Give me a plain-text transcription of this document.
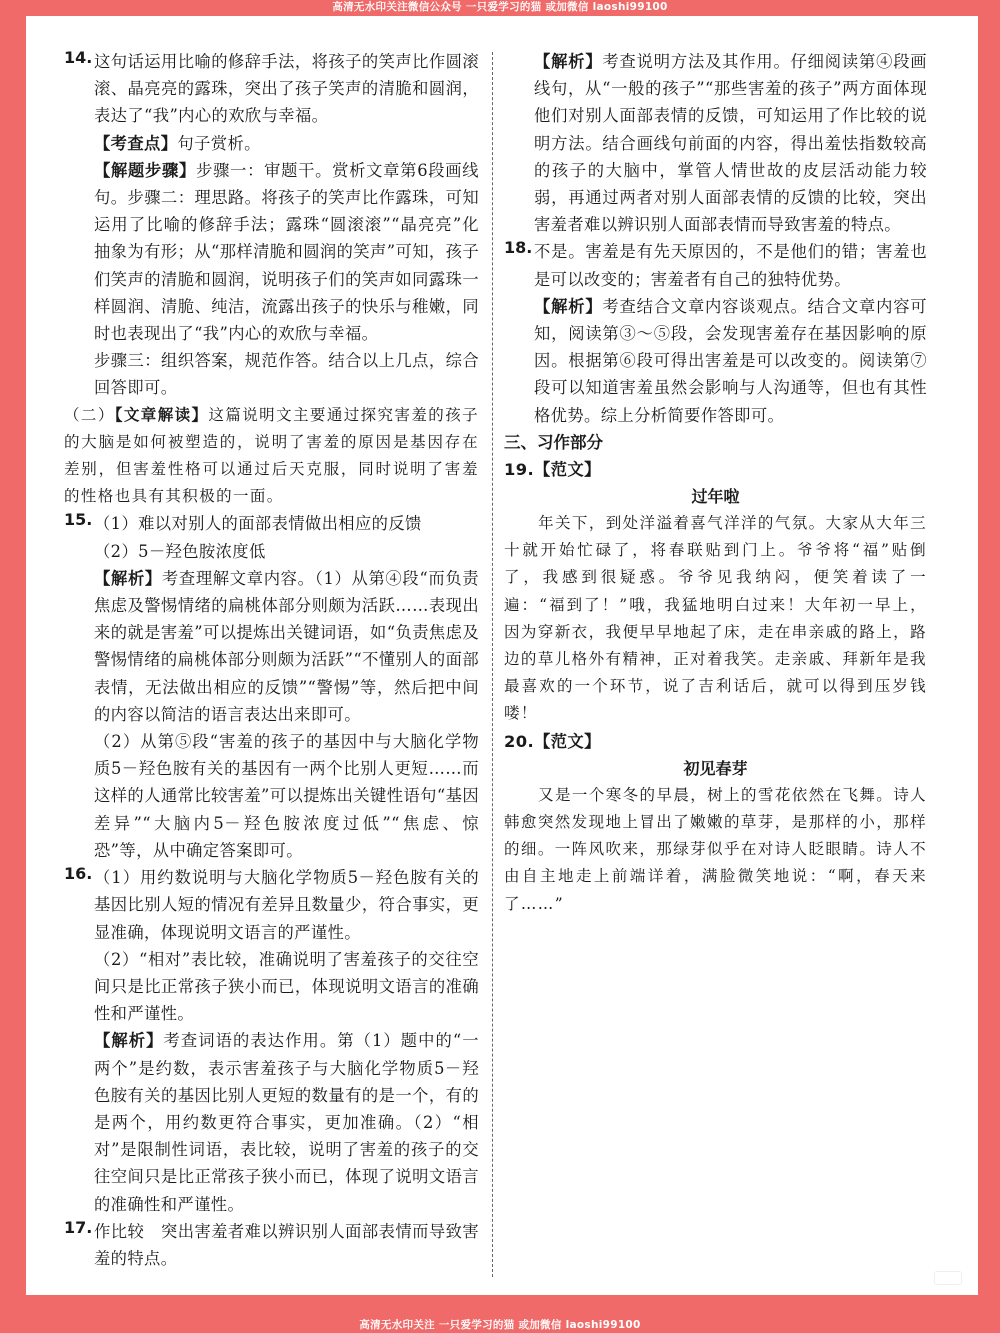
高清无水印关注微信公众号 一只爱学习的猫 或加微信 laoshi99100
14. 这句话运用比喻的修辞手法，将孩子的笑声比作圆滚滚、晶亮亮的露珠，突出了孩子笑声的清脆和圆润，表达了“我”内心的欢欣与幸福。

【考查点】句子赏析。

【解题步骤】步骤一：审题干。赏析文章第6段画线句。步骤二：理思路。将孩子的笑声比作露珠，可知运用了比喻的修辞手法；露珠“圆滚滚”“晶亮亮”化抽象为有形；从“那样清脆和圆润的笑声”可知，孩子们笑声的清脆和圆润，说明孩子们的笑声如同露珠一样圆润、清脆、纯洁，流露出孩子的快乐与稚嫩，同时也表现出了“我”内心的欢欣与幸福。

步骤三：组织答案，规范作答。结合以上几点，综合回答即可。

（二）【文章解读】这篇说明文主要通过探究害羞的孩子的大脑是如何被塑造的，说明了害羞的原因是基因存在差别，但害羞性格可以通过后天克服，同时说明了害羞的性格也具有其积极的一面。

15. （1）难以对别人的面部表情做出相应的反馈

（2）5－羟色胺浓度低

【解析】考查理解文章内容。（1）从第④段“而负责焦虑及警惕情绪的扁桃体部分则颇为活跃……表现出来的就是害羞”可以提炼出关键词语，如“负责焦虑及警惕情绪的扁桃体部分则颇为活跃”“不懂别人的面部表情，无法做出相应的反馈”“警惕”等，然后把中间的内容以简洁的语言表达出来即可。

（2）从第⑤段“害羞的孩子的基因中与大脑化学物质5－羟色胺有关的基因有一两个比别人更短……而这样的人通常比较害羞”可以提炼出关键性语句“基因差异”“大脑内5－羟色胺浓度过低”“焦虑、惊恐”等，从中确定答案即可。

16. （1）用约数说明与大脑化学物质5－羟色胺有关的基因比别人短的情况有差异且数量少，符合事实，更显准确，体现说明文语言的严谨性。

（2）“相对”表比较，准确说明了害羞孩子的交往空间只是比正常孩子狭小而已，体现说明文语言的准确性和严谨性。

【解析】考查词语的表达作用。第（1）题中的“一两个”是约数，表示害羞孩子与大脑化学物质5－羟色胺有关的基因比别人更短的数量有的是一个，有的是两个，用约数更符合事实，更加准确。（2）“相对”是限制性词语，表比较，说明了害羞的孩子的交往空间只是比正常孩子狭小而已，体现了说明文语言的准确性和严谨性。

17. 作比较　突出害羞者难以辨识别人面部表情而导致害羞的特点。

【解析】考查说明方法及其作用。仔细阅读第④段画线句，从“一般的孩子”“那些害羞的孩子”两方面体现他们对别人面部表情的反馈，可知运用了作比较的说明方法。结合画线句前面的内容，得出羞怯指数较高的孩子的大脑中，掌管人情世故的皮层活动能力较弱，再通过两者对别人面部表情的反馈的比较，突出害羞者难以辨识别人面部表情而导致害羞的特点。

18. 不是。害羞是有先天原因的，不是他们的错；害羞也是可以改变的；害羞者有自己的独特优势。

【解析】考查结合文章内容谈观点。结合文章内容可知，阅读第③～⑤段，会发现害羞存在基因影响的原因。根据第⑥段可得出害羞是可以改变的。阅读第⑦段可以知道害羞虽然会影响与人沟通等，但也有其性格优势。综上分析简要作答即可。

三、习作部分

19.【范文】

过年啦

年关下，到处洋溢着喜气洋洋的气氛。大家从大年三十就开始忙碌了，将春联贴到门上。爷爷将“福”贴倒了，我感到很疑惑。爷爷见我纳闷，便笑着读了一遍：“福到了！”哦，我猛地明白过来！大年初一早上，因为穿新衣，我便早早地起了床，走在串亲戚的路上，路边的草儿格外有精神，正对着我笑。走亲戚、拜新年是我最喜欢的一个环节，说了吉利话后，就可以得到压岁钱喽！

20.【范文】

初见春芽

又是一个寒冬的早晨，树上的雪花依然在飞舞。诗人韩愈突然发现地上冒出了嫩嫩的草芽，是那样的小，那样的细。一阵风吹来，那绿芽似乎在对诗人眨眼睛。诗人不由自主地走上前端详着，满脸微笑地说：“啊，春天来了……”

高清无水印关注 一只爱学习的猫 或加微信 laoshi99100
